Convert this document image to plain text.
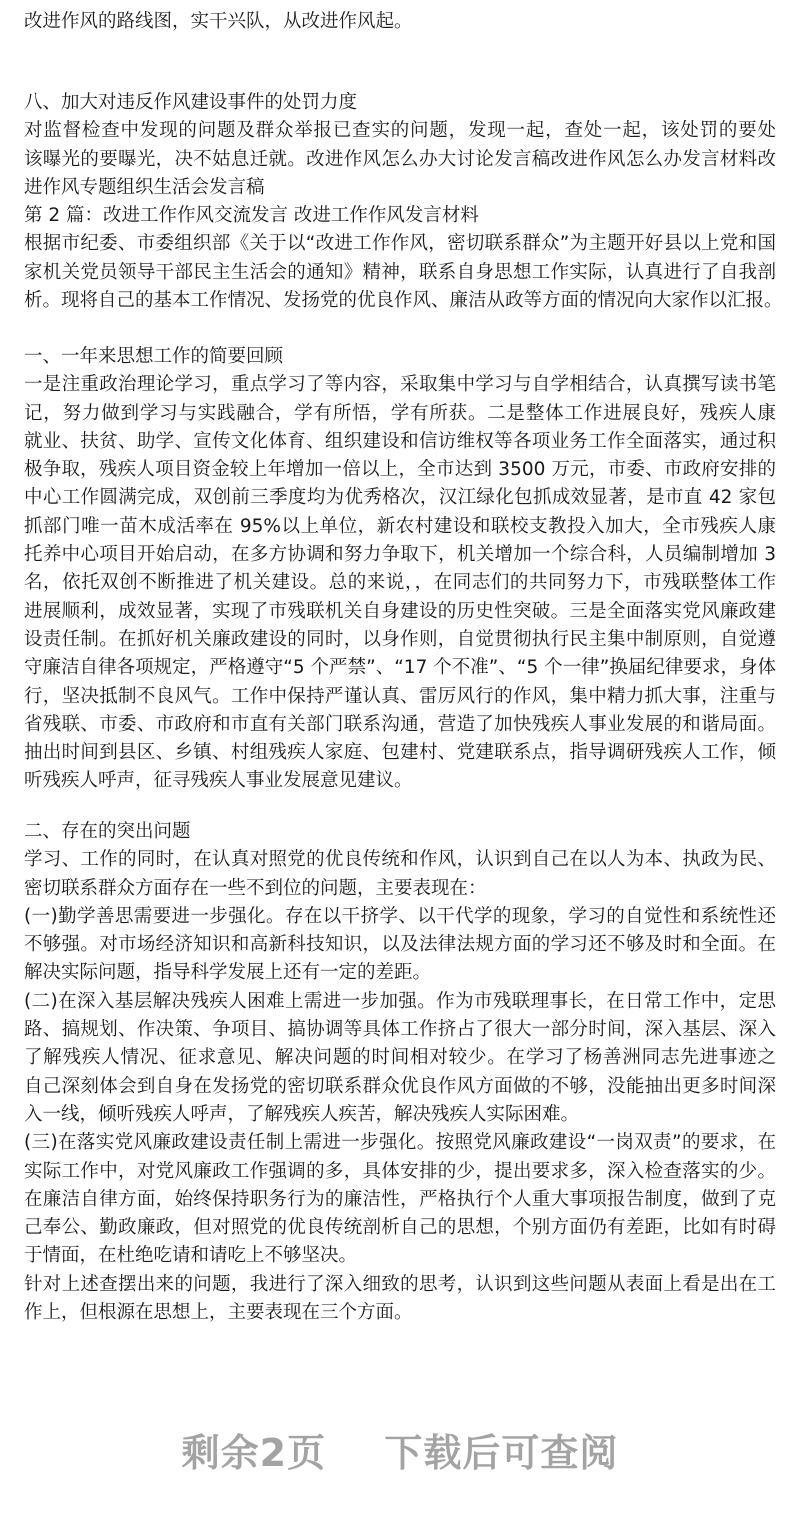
改进作风的路线图，实干兴队，从改进作风起。
八、加大对违反作风建设事件的处罚力度
对监督检查中发现的问题及群众举报已查实的问题，发现一起，查处一起，该处罚的要处
该曝光的要曝光，决不姑息迁就。改进作风怎么办大讨论发言稿改进作风怎么办发言材料改
进作风专题组织生活会发言稿
第 2 篇：改进工作作风交流发言 改进工作作风发言材料
根据市纪委、市委组织部《关于以“改进工作作风，密切联系群众”为主题开好县以上党和国
家机关党员领导干部民主生活会的通知》精神，联系自身思想工作实际，认真进行了自我剖
析。现将自己的基本工作情况、发扬党的优良作风、廉洁从政等方面的情况向大家作以汇报。
一、一年来思想工作的简要回顾
一是注重政治理论学习，重点学习了等内容，采取集中学习与自学相结合，认真撰写读书笔
记，努力做到学习与实践融合，学有所悟，学有所获。二是整体工作进展良好，残疾人康
就业、扶贫、助学、宣传文化体育、组织建设和信访维权等各项业务工作全面落实，通过积
极争取，残疾人项目资金较上年增加一倍以上，全市达到 3500 万元，市委、市政府安排的
中心工作圆满完成，双创前三季度均为优秀格次，汉江绿化包抓成效显著，是市直 42 家包
抓部门唯一苗木成活率在 95%以上单位，新农村建设和联校支教投入加大，全市残疾人康
托养中心项目开始启动，在多方协调和努力争取下，机关增加一个综合科，人员编制增加 3
名，依托双创不断推进了机关建设。总的来说，，在同志们的共同努力下，市残联整体工作
进展顺利，成效显著，实现了市残联机关自身建设的历史性突破。三是全面落实党风廉政建
设责任制。在抓好机关廉政建设的同时，以身作则，自觉贯彻执行民主集中制原则，自觉遵
守廉洁自律各项规定，严格遵守“5 个严禁”、“17 个不准”、“5 个一律”换届纪律要求，身体
行，坚决抵制不良风气。工作中保持严谨认真、雷厉风行的作风，集中精力抓大事，注重与
省残联、市委、市政府和市直有关部门联系沟通，营造了加快残疾人事业发展的和谐局面。
抽出时间到县区、乡镇、村组残疾人家庭、包建村、党建联系点，指导调研残疾人工作，倾
听残疾人呼声，征寻残疾人事业发展意见建议。
二、存在的突出问题
学习、工作的同时，在认真对照党的优良传统和作风，认识到自己在以人为本、执政为民、
密切联系群众方面存在一些不到位的问题，主要表现在：
(一)勤学善思需要进一步强化。存在以干挤学、以干代学的现象，学习的自觉性和系统性还
不够强。对市场经济知识和高新科技知识，以及法律法规方面的学习还不够及时和全面。在
解决实际问题，指导科学发展上还有一定的差距。
(二)在深入基层解决残疾人困难上需进一步加强。作为市残联理事长，在日常工作中，定思
路、搞规划、作决策、争项目、搞协调等具体工作挤占了很大一部分时间，深入基层、深入
了解残疾人情况、征求意见、解决问题的时间相对较少。在学习了杨善洲同志先进事迹之
自己深刻体会到自身在发扬党的密切联系群众优良作风方面做的不够，没能抽出更多时间深
入一线，倾听残疾人呼声，了解残疾人疾苦，解决残疾人实际困难。
(三)在落实党风廉政建设责任制上需进一步强化。按照党风廉政建设“一岗双责”的要求，在
实际工作中，对党风廉政工作强调的多，具体安排的少，提出要求多，深入检查落实的少。
在廉洁自律方面，始终保持职务行为的廉洁性，严格执行个人重大事项报告制度，做到了克
己奉公、勤政廉政，但对照党的优良传统剖析自己的思想，个别方面仍有差距，比如有时碍
于情面，在杜绝吃请和请吃上不够坚决。
针对上述查摆出来的问题，我进行了深入细致的思考，认识到这些问题从表面上看是出在工
作上，但根源在思想上，主要表现在三个方面。
剩余2页 下载后可查阅
